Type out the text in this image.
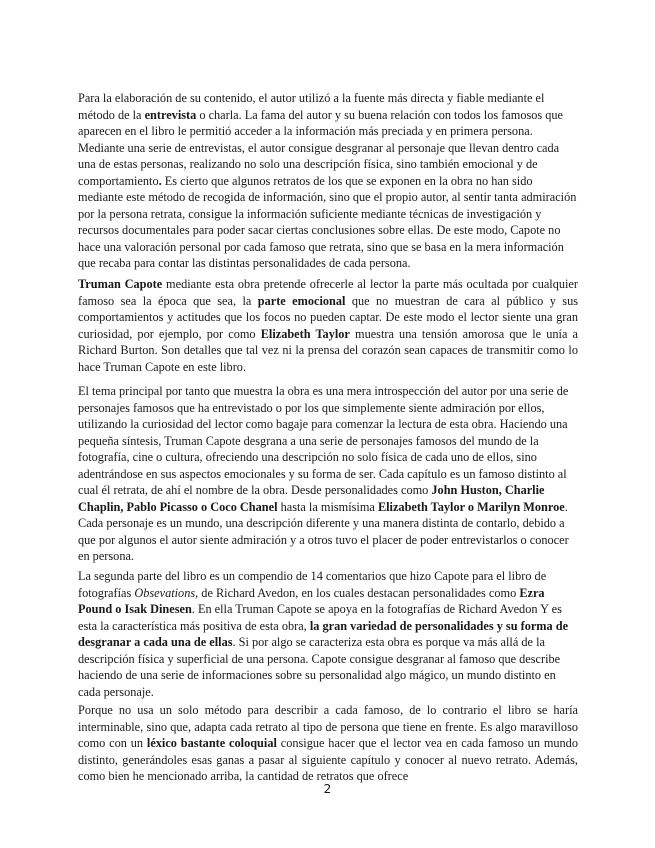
Para la elaboración de su contenido, el autor utilizó a la fuente más directa y fiable mediante el método de la entrevista o charla. La fama del autor y su buena relación con todos los famosos que aparecen en el libro le permitió acceder a la información más preciada y en primera persona. Mediante una serie de entrevistas, el autor consigue desgranar al personaje que llevan dentro cada una de estas personas, realizando no solo una descripción física, sino también emocional y de comportamiento. Es cierto que algunos retratos de los que se exponen en la obra no han sido mediante este método de recogida de información, sino que el propio autor, al sentir tanta admiración por la persona retrata, consigue la información suficiente mediante técnicas de investigación y recursos documentales para poder sacar ciertas conclusiones sobre ellas. De este modo, Capote no hace una valoración personal por cada famoso que retrata, sino que se basa en la mera información que recaba para contar las distintas personalidades de cada persona.

Truman Capote mediante esta obra pretende ofrecerle al lector la parte más ocultada por cualquier famoso sea la época que sea, la parte emocional que no muestran de cara al público y sus comportamientos y actitudes que los focos no pueden captar. De este modo el lector siente una gran curiosidad, por ejemplo, por como Elizabeth Taylor muestra una tensión amorosa que le unía a Richard Burton. Son detalles que tal vez ni la prensa del corazón sean capaces de transmitir como lo hace Truman Capote en este libro.

El tema principal por tanto que muestra la obra es una mera introspección del autor por una serie de personajes famosos que ha entrevistado o por los que simplemente siente admiración por ellos, utilizando la curiosidad del lector como bagaje para comenzar la lectura de esta obra. Haciendo una pequeña síntesis, Truman Capote desgrana a una serie de personajes famosos del mundo de la fotografía, cine o cultura, ofreciendo una descripción no solo física de cada uno de ellos, sino adentrándose en sus aspectos emocionales y su forma de ser. Cada capítulo es un famoso distinto al cual él retrata, de ahí el nombre de la obra. Desde personalidades como John Huston, Charlie Chaplin, Pablo Picasso o Coco Chanel hasta la mismísima Elizabeth Taylor o Marilyn Monroe. Cada personaje es un mundo, una descripción diferente y una manera distinta de contarlo, debido a que por algunos el autor siente admiración y a otros tuvo el placer de poder entrevistarlos o conocer en persona.

La segunda parte del libro es un compendio de 14 comentarios que hizo Capote para el libro de fotografías Obsevations, de Richard Avedon, en los cuales destacan personalidades como Ezra Pound o Isak Dinesen. En ella Truman Capote se apoya en la fotografías de Richard Avedon Y es esta la característica más positiva de esta obra, la gran variedad de personalidades y su forma de desgranar a cada una de ellas. Si por algo se caracteriza esta obra es porque va más allá de la descripción física y superficial de una persona. Capote consigue desgranar al famoso que describe haciendo de una serie de informaciones sobre su personalidad algo mágico, un mundo distinto en cada personaje.

Porque no usa un solo método para describir a cada famoso, de lo contrario el libro se haría interminable, sino que, adapta cada retrato al tipo de persona que tiene en frente. Es algo maravilloso como con un léxico bastante coloquial consigue hacer que el lector vea en cada famoso un mundo distinto, generándoles esas ganas a pasar al siguiente capítulo y conocer al nuevo retrato. Además, como bien he mencionado arriba, la cantidad de retratos que ofrece

2
